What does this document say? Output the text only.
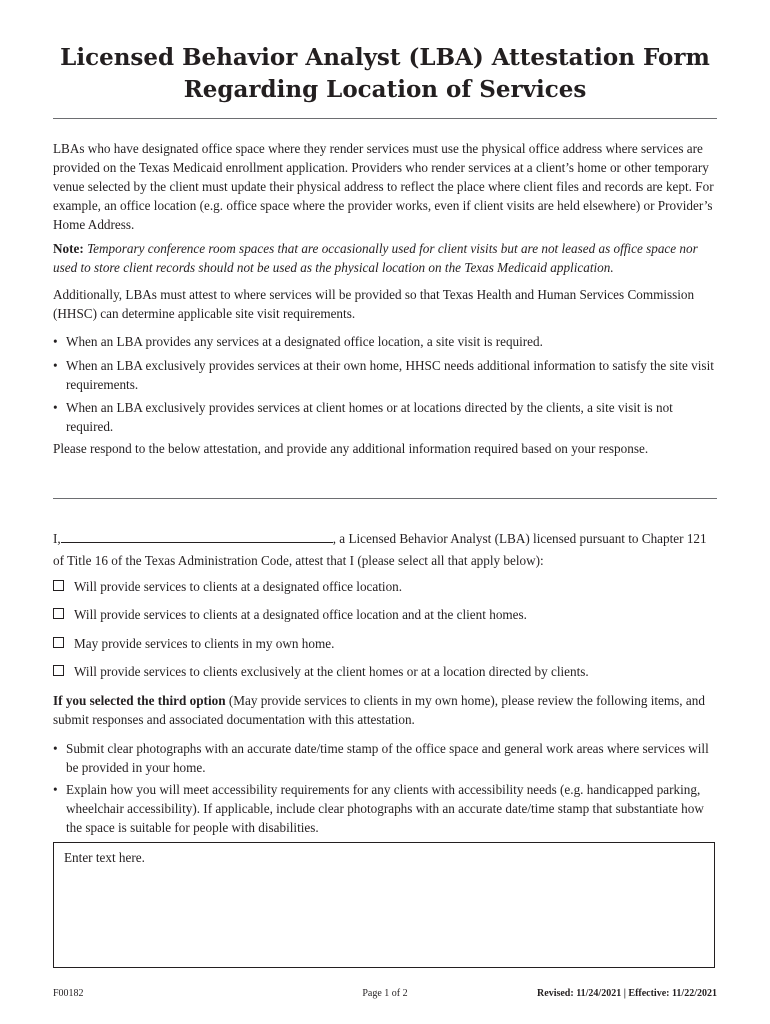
Licensed Behavior Analyst (LBA) Attestation Form
Regarding Location of Services
LBAs who have designated office space where they render services must use the physical office address where services are provided on the Texas Medicaid enrollment application. Providers who render services at a client’s home or other temporary venue selected by the client must update their physical address to reflect the place where client files and records are kept. For example, an office location (e.g. office space where the provider works, even if client visits are held elsewhere) or Provider’s Home Address.
Note: Temporary conference room spaces that are occasionally used for client visits but are not leased as office space nor used to store client records should not be used as the physical location on the Texas Medicaid application.
Additionally, LBAs must attest to where services will be provided so that Texas Health and Human Services Commission (HHSC) can determine applicable site visit requirements.
• When an LBA provides any services at a designated office location, a site visit is required.
• When an LBA exclusively provides services at their own home, HHSC needs additional information to satisfy the site visit requirements.
• When an LBA exclusively provides services at client homes or at locations directed by the clients, a site visit is not required.
Please respond to the below attestation, and provide any additional information required based on your response.
I,	, a Licensed Behavior Analyst (LBA) licensed pursuant to Chapter 121 of Title 16 of the Texas Administration Code, attest that I (please select all that apply below):
Will provide services to clients at a designated office location.
Will provide services to clients at a designated office location and at the client homes.
May provide services to clients in my own home.
Will provide services to clients exclusively at the client homes or at a location directed by clients.
If you selected the third option (May provide services to clients in my own home), please review the following items, and submit responses and associated documentation with this attestation.
• Submit clear photographs with an accurate date/time stamp of the office space and general work areas where services will be provided in your home.
• Explain how you will meet accessibility requirements for any clients with accessibility needs (e.g. handicapped parking, wheelchair accessibility). If applicable, include clear photographs with an accurate date/time stamp that substantiate how the space is suitable for people with disabilities.
Enter text here.
F00182	Page 1 of 2	Revised: 11/24/2021 | Effective: 11/22/2021
